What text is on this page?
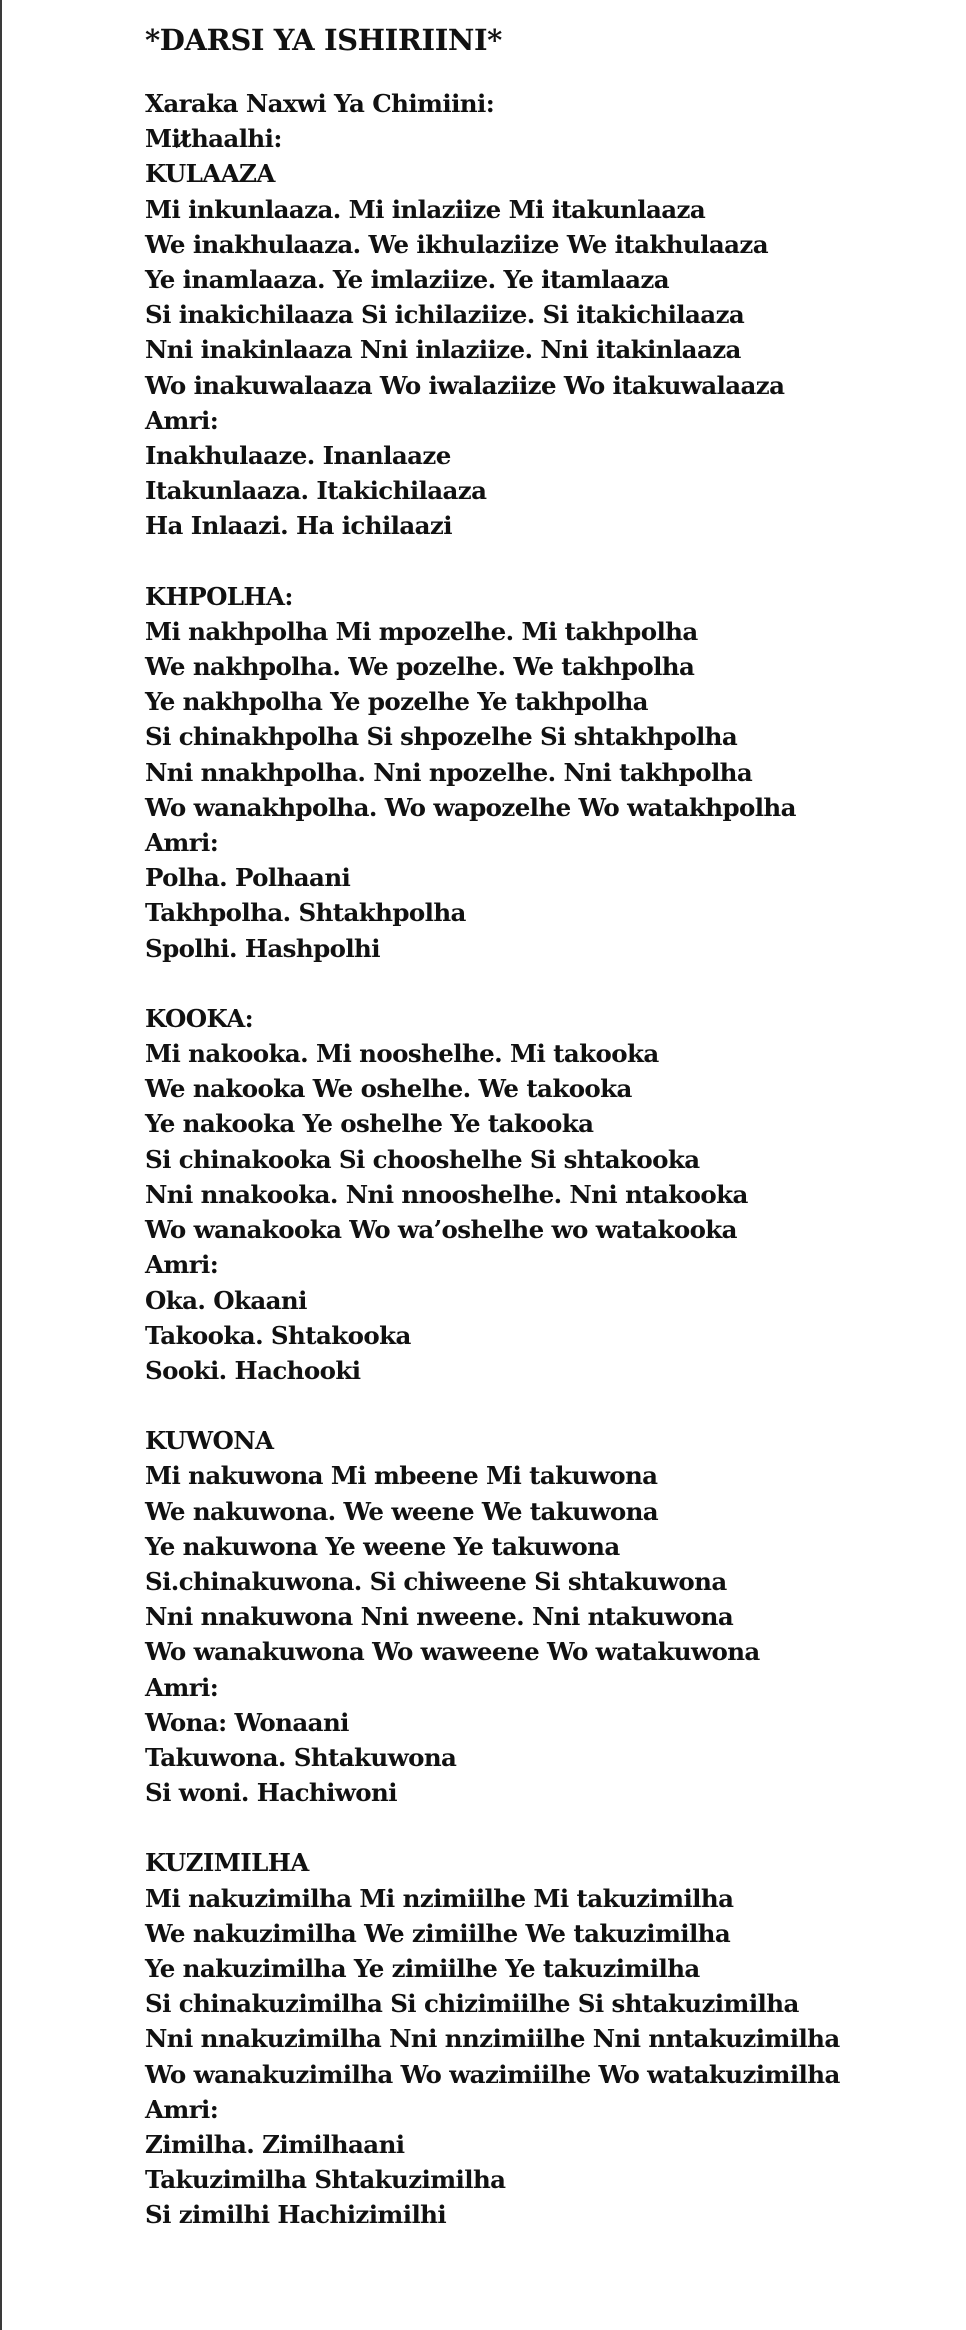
*DARSI YA ISHIRIINI*
Xaraka Naxwi Ya Chimiini:
Mit̷haalhi:
KULAAZA
Mi inkunlaaza. Mi inlaziize Mi itakunlaaza
We inakhulaaza. We ikhulaziize We itakhulaaza
Ye inamlaaza. Ye imlaziize. Ye itamlaaza
Si inakichilaaza Si ichilaziize. Si itakichilaaza
Nni inakinlaaza Nni inlaziize. Nni itakinlaaza
Wo inakuwalaaza Wo iwalaziize Wo itakuwalaaza
Amri:
Inakhulaaze. Inanlaaze
Itakunlaaza. Itakichilaaza
Ha Inlaazi. Ha ichilaazi
KHPOLHA:
Mi nakhpolha Mi mpozelhe. Mi takhpolha
We nakhpolha. We pozelhe. We takhpolha
Ye nakhpolha Ye pozelhe Ye takhpolha
Si chinakhpolha Si shpozelhe Si shtakhpolha
Nni nnakhpolha. Nni npozelhe. Nni takhpolha
Wo wanakhpolha. Wo wapozelhe Wo watakhpolha
Amri:
Polha. Polhaani
Takhpolha. Shtakhpolha
Spolhi. Hashpolhi
KOOKA:
Mi nakooka. Mi nooshelhe. Mi takooka
We nakooka We oshelhe. We takooka
Ye nakooka Ye oshelhe Ye takooka
Si chinakooka Si chooshelhe Si shtakooka
Nni nnakooka. Nni nnooshelhe. Nni ntakooka
Wo wanakooka Wo wa’oshelhe wo watakooka
Amri:
Oka. Okaani
Takooka. Shtakooka
Sooki. Hachooki
KUWONA
Mi nakuwona Mi mbeene Mi takuwona
We nakuwona. We weene We takuwona
Ye nakuwona Ye weene Ye takuwona
Si.chinakuwona. Si chiweene Si shtakuwona
Nni nnakuwona Nni nweene. Nni ntakuwona
Wo wanakuwona Wo waweene Wo watakuwona
Amri:
Wona: Wonaani
Takuwona. Shtakuwona
Si woni. Hachiwoni
KUZIMILHA
Mi nakuzimilha Mi nzimiilhe Mi takuzimilha
We nakuzimilha We zimiilhe We takuzimilha
Ye nakuzimilha Ye zimiilhe Ye takuzimilha
Si chinakuzimilha Si chizimiilhe Si shtakuzimilha
Nni nnakuzimilha Nni nnzimiilhe Nni nntakuzimilha
Wo wanakuzimilha Wo wazimiilhe Wo watakuzimilha
Amri:
Zimilha. Zimilhaani
Takuzimilha Shtakuzimilha
Si zimilhi Hachizimilhi
